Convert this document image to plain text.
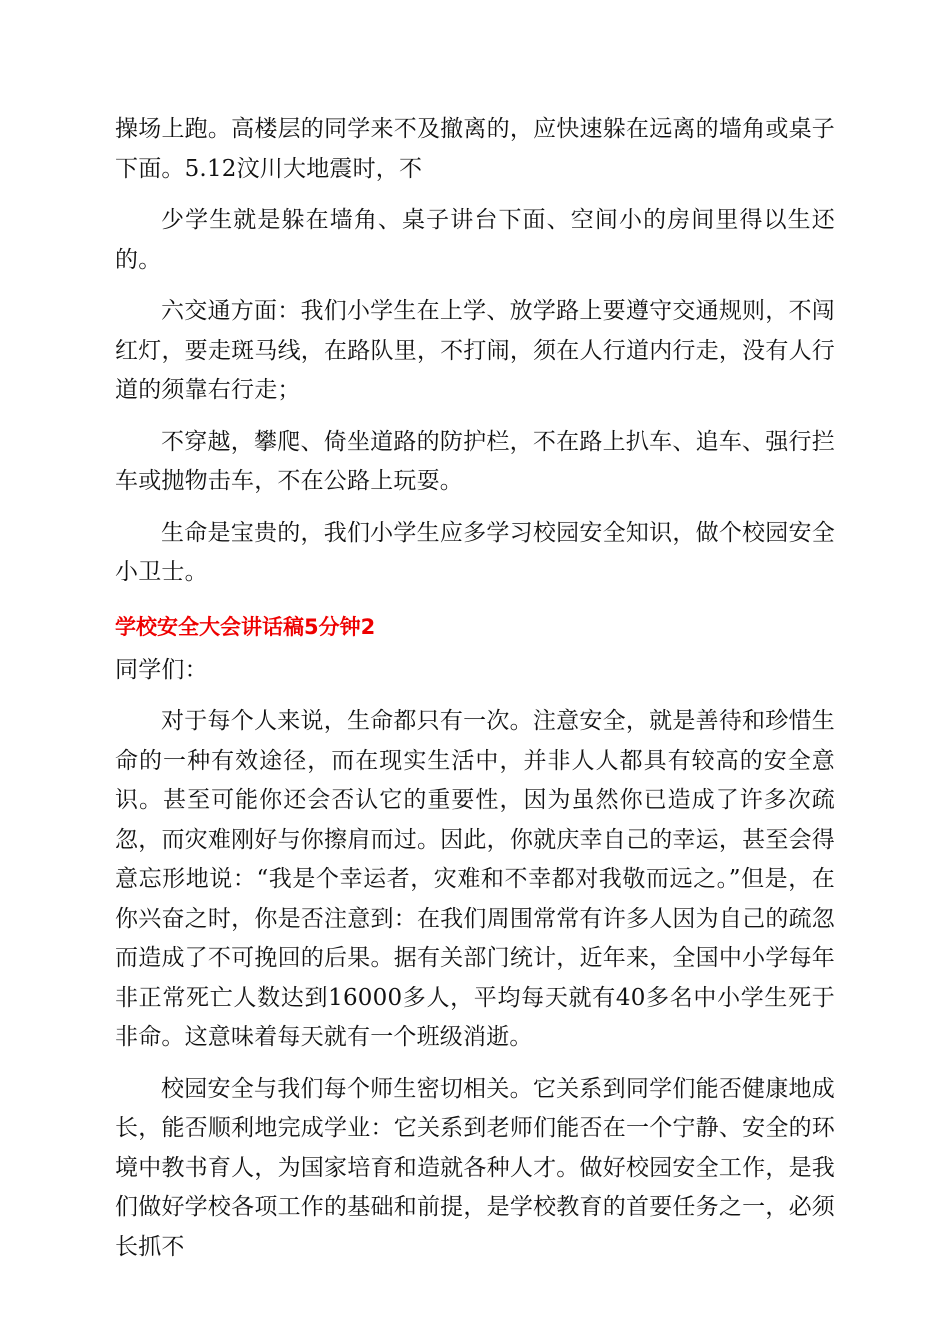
操场上跑。高楼层的同学来不及撤离的，应快速躲在远离的墙角或桌子下面。5.12汶川大地震时，不

少学生就是躲在墙角、桌子讲台下面、空间小的房间里得以生还的。

六交通方面：我们小学生在上学、放学路上要遵守交通规则，不闯红灯，要走斑马线，在路队里，不打闹，须在人行道内行走，没有人行道的须靠右行走；

不穿越，攀爬、倚坐道路的防护栏，不在路上扒车、追车、强行拦车或抛物击车，不在公路上玩耍。

生命是宝贵的，我们小学生应多学习校园安全知识，做个校园安全小卫士。

学校安全大会讲话稿5分钟2

同学们：

对于每个人来说，生命都只有一次。注意安全，就是善待和珍惜生命的一种有效途径，而在现实生活中，并非人人都具有较高的安全意识。甚至可能你还会否认它的重要性，因为虽然你已造成了许多次疏忽，而灾难刚好与你擦肩而过。因此，你就庆幸自己的幸运，甚至会得意忘形地说：“我是个幸运者，灾难和不幸都对我敬而远之。”但是，在你兴奋之时，你是否注意到：在我们周围常常有许多人因为自己的疏忽而造成了不可挽回的后果。据有关部门统计，近年来，全国中小学每年非正常死亡人数达到16000多人，平均每天就有40多名中小学生死于非命。这意味着每天就有一个班级消逝。

校园安全与我们每个师生密切相关。它关系到同学们能否健康地成长，能否顺利地完成学业：它关系到老师们能否在一个宁静、安全的环境中教书育人，为国家培育和造就各种人才。做好校园安全工作，是我们做好学校各项工作的基础和前提，是学校教育的首要任务之一，必须长抓不
